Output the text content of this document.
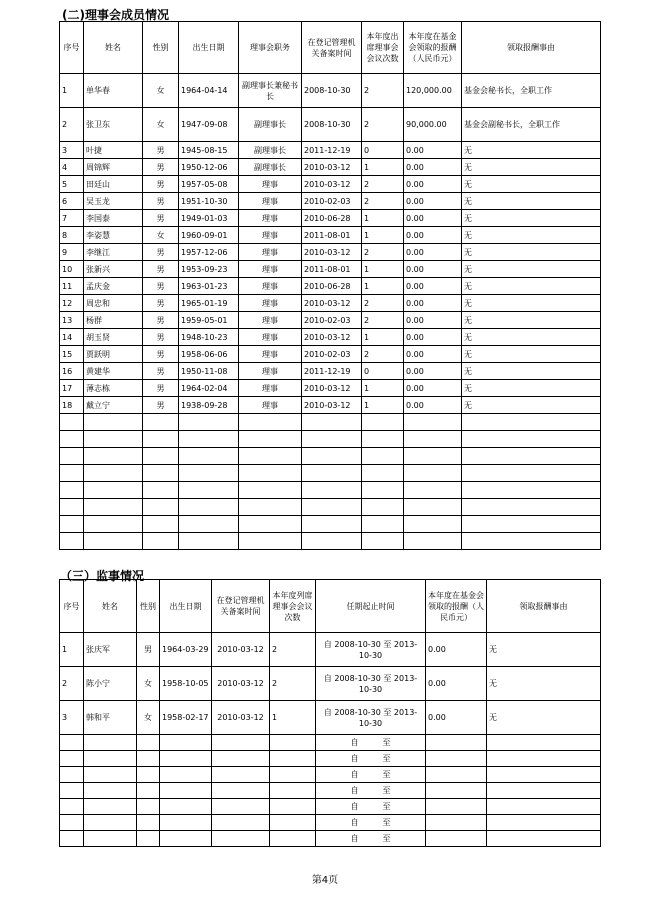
(二)理事会成员情况
序号	姓名	性别	出生日期	理事会职务	在登记管理机关备案时间	本年度出席理事会会议次数	本年度在基金会领取的报酬（人民币元）	领取报酬事由
1	单华春	女	1964-04-14	副理事长兼秘书长	2008-10-30	2	120,000.00	基金会秘书长，全职工作
2	张卫东	女	1947-09-08	副理事长	2008-10-30	2	90,000.00	基金会副秘书长，全职工作
3	叶捷	男	1945-08-15	副理事长	2011-12-19	0	0.00	无
4	周锦辉	男	1950-12-06	副理事长	2010-03-12	1	0.00	无
5	田廷山	男	1957-05-08	理事	2010-03-12	2	0.00	无
6	吴玉龙	男	1951-10-30	理事	2010-02-03	2	0.00	无
7	李国泰	男	1949-01-03	理事	2010-06-28	1	0.00	无
8	李姿慧	女	1960-09-01	理事	2011-08-01	1	0.00	无
9	李继江	男	1957-12-06	理事	2010-03-12	2	0.00	无
10	张新兴	男	1953-09-23	理事	2011-08-01	1	0.00	无
11	孟庆金	男	1963-01-23	理事	2010-06-28	1	0.00	无
12	周忠和	男	1965-01-19	理事	2010-03-12	2	0.00	无
13	杨群	男	1959-05-01	理事	2010-02-03	2	0.00	无
14	胡玉贤	男	1948-10-23	理事	2010-03-12	1	0.00	无
15	贾跃明	男	1958-06-06	理事	2010-02-03	2	0.00	无
16	黄建华	男	1950-11-08	理事	2011-12-19	0	0.00	无
17	薄志栋	男	1964-02-04	理事	2010-03-12	1	0.00	无
18	戴立宁	男	1938-09-28	理事	2010-03-12	1	0.00	无

（三）监事情况
序号	姓名	性别	出生日期	在登记管理机关备案时间	本年度列席理事会会议次数	任期起止时间	本年度在基金会领取的报酬（人民币元）	领取报酬事由
1	张庆军	男	1964-03-29	2010-03-12	2	自 2008-10-30 至 2013-10-30	0.00	无
2	陈小宁	女	1958-10-05	2010-03-12	2	自 2008-10-30 至 2013-10-30	0.00	无
3	韩和平	女	1958-02-17	2010-03-12	1	自 2008-10-30 至 2013-10-30	0.00	无
						自　　　至		
						自　　　至		
						自　　　至		
						自　　　至		
						自　　　至		
						自　　　至		
						自　　　至		
第4页
